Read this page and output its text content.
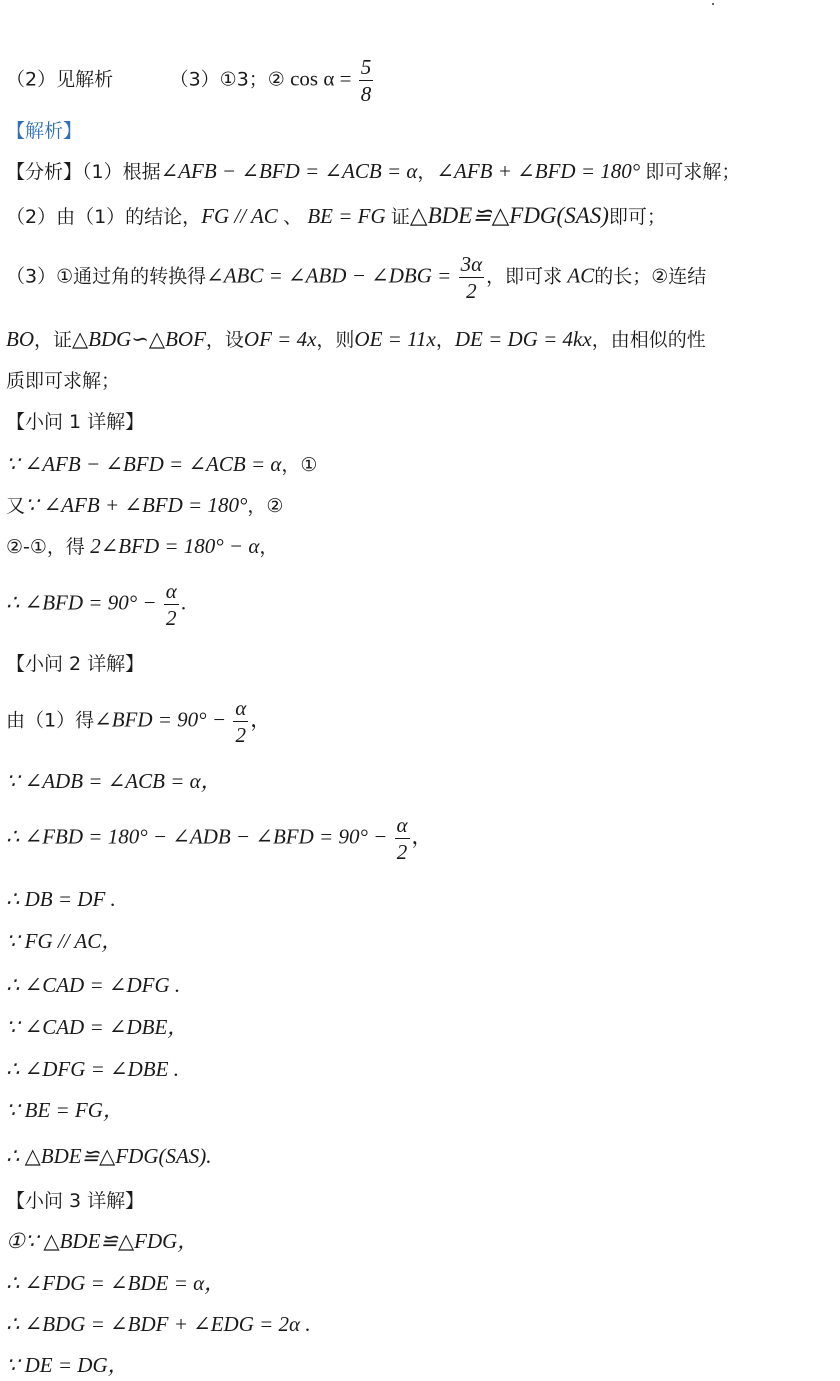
（2）见解析	（3）①3；② $\cos \alpha = \frac{5}{8}$
【解析】
【分析】（1）根据∠AFB − ∠BFD = ∠ACB = α，∠AFB + ∠BFD = 180° 即可求解；
（2）由（1）的结论，FG // AC 、 BE = FG 证△BDE≌△FDG(SAS)即可；
（3）①通过角的转换得∠ABC = ∠ABD − ∠DBG = $\frac{3\alpha}{2}$ ，即可求 AC的长；②连结
BO，证△BDG∽△BOF，设OF = 4x，则OE = 11x，DE = DG = 4kx，由相似的性
质即可求解；
【小问 1 详解】
∵ ∠AFB − ∠BFD = ∠ACB = α，①
又∵ ∠AFB + ∠BFD = 180°，②
②-①，得 2∠BFD = 180° − α，
∴ ∠BFD = $90^\circ - \frac{\alpha}{2}$ .
【小问 2 详解】
由（1）得∠BFD = $90^\circ - \frac{\alpha}{2}$ ，
∵ ∠ADB = ∠ACB = α，
∴ ∠FBD = 180° − ∠ADB − ∠BFD = $90^\circ - \frac{\alpha}{2}$ ，
∴ DB = DF .
∵ FG // AC，
∴ ∠CAD = ∠DFG .
∵ ∠CAD = ∠DBE，
∴ ∠DFG = ∠DBE .
∵ BE = FG，
∴ △BDE≌△FDG(SAS).
【小问 3 详解】
①∵ △BDE≌△FDG，
∴ ∠FDG = ∠BDE = α，
∴ ∠BDG = ∠BDF + ∠EDG = 2α .
∵ DE = DG，
